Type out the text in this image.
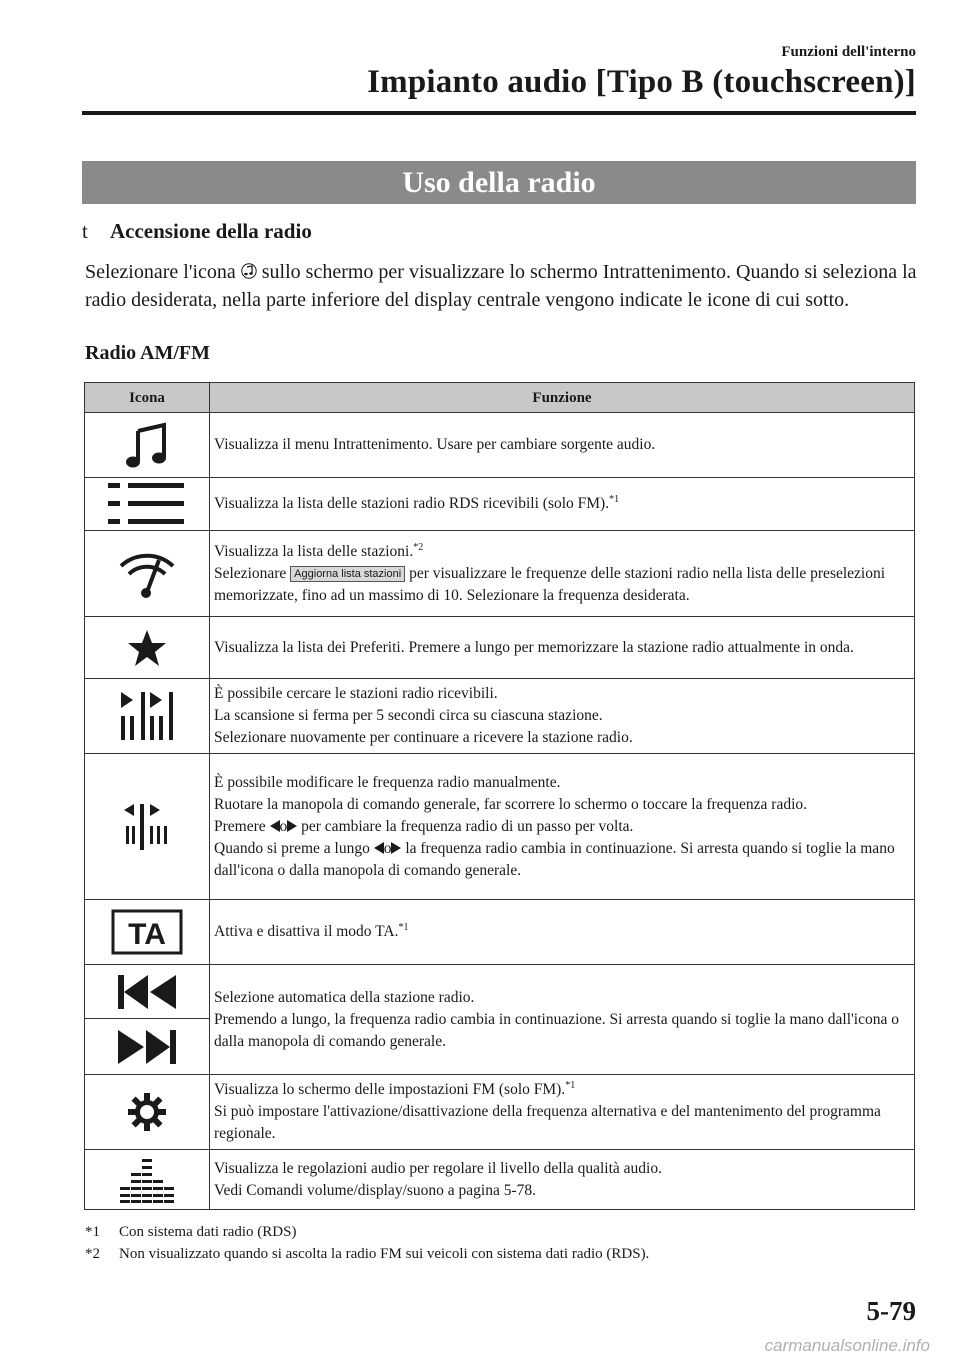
Funzioni dell'interno
Impianto audio [Tipo B (touchscreen)]
Uso della radio
t Accensione della radio
Selezionare l'icona sullo schermo per visualizzare lo schermo Intrattenimento. Quando si seleziona la radio desiderata, nella parte inferiore del display centrale vengono indicate le icone di cui sotto.
Radio AM/FM
Icona	Funzione

	Visualizza il menu Intrattenimento. Usare per cambiare sorgente audio.

	Visualizza la lista delle stazioni radio RDS ricevibili (solo FM).$^{*1}$

Visualizza la lista delle stazioni.$^{*2}$
Selezionare Aggiorna lista stazioni per visualizzare le frequenze delle stazioni radio nella lista delle preselezioni memorizzate, fino ad un massimo di 10. Selezionare la frequenza desiderata.

	Visualizza la lista dei Preferiti. Premere a lungo per memorizzare la stazione radio attualmente in onda.

È possibile cercare le stazioni radio ricevibili.
La scansione si ferma per 5 secondi circa su ciascuna stazione.
Selezionare nuovamente per continuare a ricevere la stazione radio.

È possibile modificare le frequenza radio manualmente.
Ruotare la manopola di comando generale, far scorrere lo schermo o toccare la frequenza radio.
Premere o per cambiare la frequenza radio di un passo per volta.
Quando si preme a lungo o la frequenza radio cambia in continuazione. Si arresta quando si toglie la mano dall'icona o dalla manopola di comando generale.

TA	Attiva e disattiva il modo TA.$^{*1}$

Selezione automatica della stazione radio.
Premendo a lungo, la frequenza radio cambia in continuazione. Si arresta quando si toglie la mano dall'icona o dalla manopola di comando generale.

Visualizza lo schermo delle impostazioni FM (solo FM).$^{*1}$
Si può impostare l'attivazione/disattivazione della frequenza alternativa e del mantenimento del programma regionale.

Visualizza le regolazioni audio per regolare il livello della qualità audio.
Vedi Comandi volume/display/suono a pagina 5-78.
*1 Con sistema dati radio (RDS)
*2 Non visualizzato quando si ascolta la radio FM sui veicoli con sistema dati radio (RDS).
5-79
carmanualsonline.info
